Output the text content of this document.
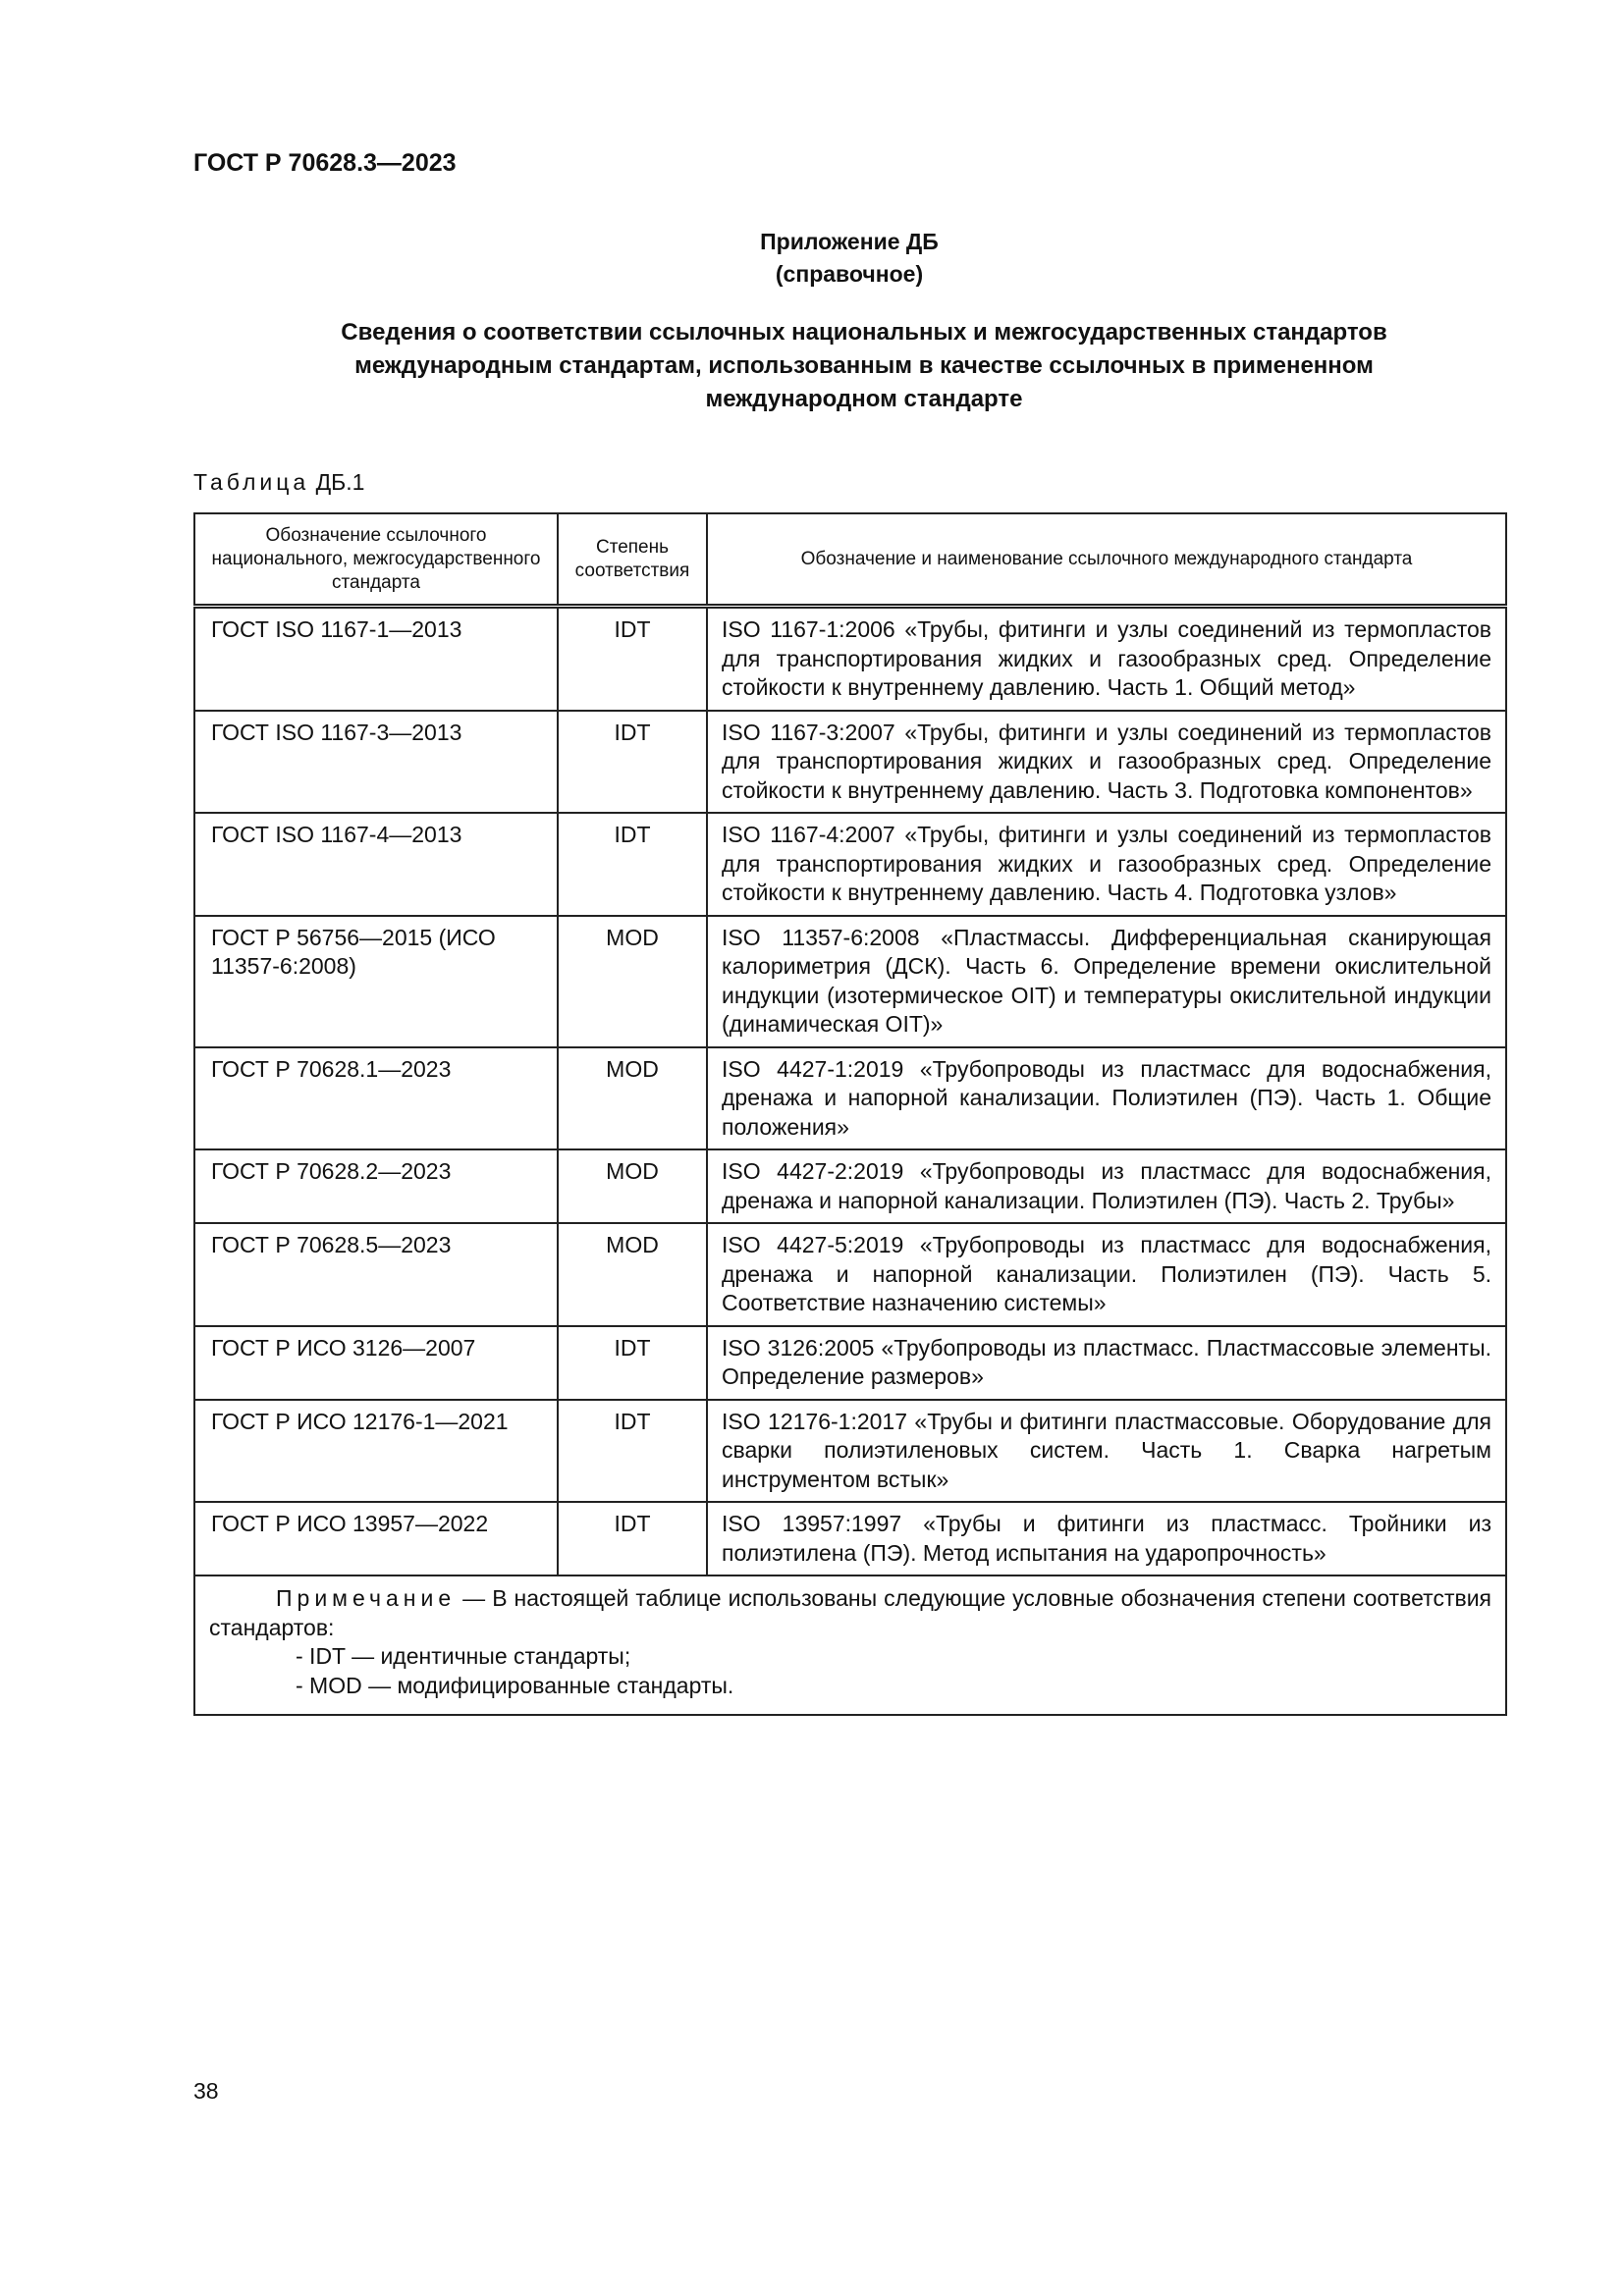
ГОСТ Р 70628.3—2023
Приложение ДБ
(справочное)
Сведения о соответствии ссылочных национальных и межгосударственных стандартов
международным стандартам, использованным в качестве ссылочных в примененном
международном стандарте
Таблица ДБ.1
Обозначение ссылочного национального, межгосударственного стандарта	Степень соответствия	Обозначение и наименование ссылочного международного стандарта
ГОСТ ISO 1167-1—2013	IDT	ISO 1167-1:2006 «Трубы, фитинги и узлы соединений из термопластов для транспортирования жидких и газообразных сред. Определение стойкости к внутреннему давлению. Часть 1. Общий метод»
ГОСТ ISO 1167-3—2013	IDT	ISO 1167-3:2007 «Трубы, фитинги и узлы соединений из термопластов для транспортирования жидких и газообразных сред. Определение стойкости к внутреннему давлению. Часть 3. Подготовка компонентов»
ГОСТ ISO 1167-4—2013	IDT	ISO 1167-4:2007 «Трубы, фитинги и узлы соединений из термопластов для транспортирования жидких и газообразных сред. Определение стойкости к внутреннему давлению. Часть 4. Подготовка узлов»
ГОСТ Р 56756—2015 (ИСО 11357-6:2008)	MOD	ISO 11357-6:2008 «Пластмассы. Дифференциальная сканирующая калориметрия (ДСК). Часть 6. Определение времени окислительной индукции (изотермическое OIT) и температуры окислительной индукции (динамическая OIT)»
ГОСТ Р 70628.1—2023	MOD	ISO 4427-1:2019 «Трубопроводы из пластмасс для водоснабжения, дренажа и напорной канализации. Полиэтилен (ПЭ). Часть 1. Общие положения»
ГОСТ Р 70628.2—2023	MOD	ISO 4427-2:2019 «Трубопроводы из пластмасс для водоснабжения, дренажа и напорной канализации. Полиэтилен (ПЭ). Часть 2. Трубы»
ГОСТ Р 70628.5—2023	MOD	ISO 4427-5:2019 «Трубопроводы из пластмасс для водоснабжения, дренажа и напорной канализации. Полиэтилен (ПЭ). Часть 5. Соответствие назначению системы»
ГОСТ Р ИСО 3126—2007	IDT	ISO 3126:2005 «Трубопроводы из пластмасс. Пластмассовые элементы. Определение размеров»
ГОСТ Р ИСО 12176-1—2021	IDT	ISO 12176-1:2017 «Трубы и фитинги пластмассовые. Оборудование для сварки полиэтиленовых систем. Часть 1. Сварка нагретым инструментом встык»
ГОСТ Р ИСО 13957—2022	IDT	ISO 13957:1997 «Трубы и фитинги из пластмасс. Тройники из полиэтилена (ПЭ). Метод испытания на ударопрочность»

Примечание — В настоящей таблице использованы следующие условные обозначения степени соответствия стандартов:

- IDT — идентичные стандарты;
- MOD — модифицированные стандарты.		
38
